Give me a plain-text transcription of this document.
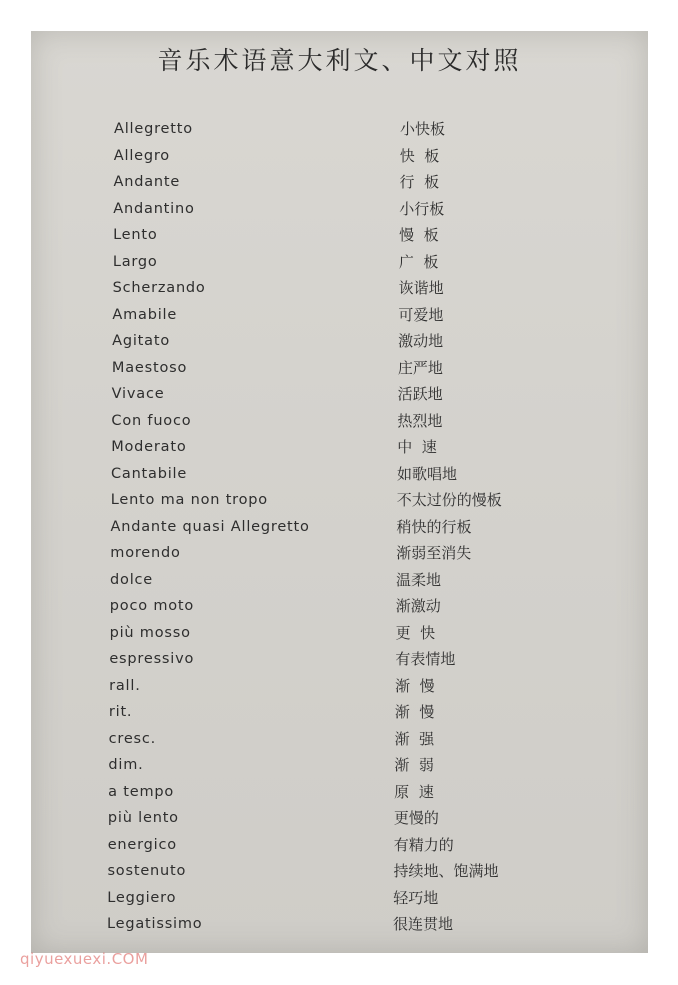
音乐术语意大利文、中文对照
Allegretto	小快板
Allegro	快  板
Andante	行  板
Andantino	小行板
Lento	慢  板
Largo	广  板
Scherzando	诙谐地
Amabile	可爱地
Agitato	激动地
Maestoso	庄严地
Vivace	活跃地
Con fuoco	热烈地
Moderato	中  速
Cantabile	如歌唱地
Lento ma non tropo	不太过份的慢板
Andante quasi Allegretto	稍快的行板
morendo	渐弱至消失
dolce	温柔地
poco moto	渐激动
più mosso	更  快
espressivo	有表情地
rall.	渐  慢
rit.	渐  慢
cresc.	渐  强
dim.	渐  弱
a tempo	原  速
più lento	更慢的
energico	有精力的
sostenuto	持续地、饱满地
Leggiero	轻巧地
Legatissimo	很连贯地
qiyuexuexi.COM
